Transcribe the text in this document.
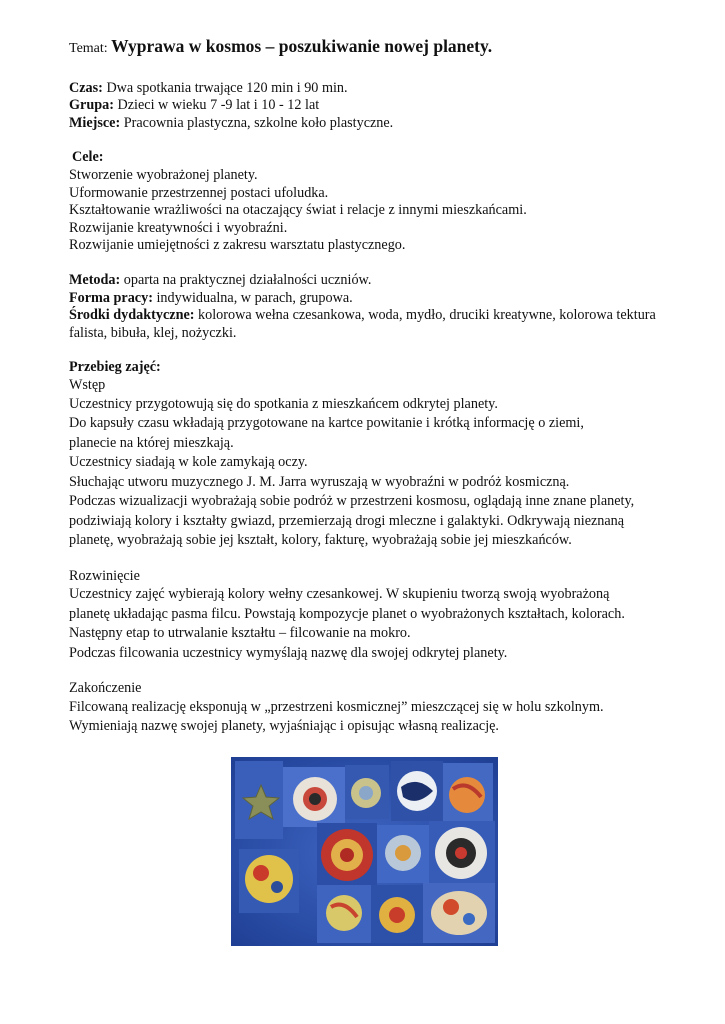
Temat: Wyprawa w kosmos – poszukiwanie nowej planety.
Czas: Dwa spotkania trwające 120 min i 90 min.
Grupa: Dzieci w wieku 7 -9 lat i 10 - 12 lat
Miejsce: Pracownia plastyczna, szkolne koło plastyczne.
Cele:
Stworzenie wyobrażonej planety.
Uformowanie przestrzennej postaci ufoludka.
Kształtowanie wrażliwości na otaczający świat i relacje z innymi mieszkańcami.
Rozwijanie kreatywności i wyobraźni.
Rozwijanie umiejętności z zakresu warsztatu plastycznego.
Metoda: oparta na praktycznej działalności uczniów.
Forma pracy: indywidualna, w parach, grupowa.
Środki dydaktyczne: kolorowa wełna czesankowa, woda, mydło, druciki kreatywne, kolorowa tektura falista, bibuła, klej, nożyczki.
Przebieg zajęć:
Wstęp
Uczestnicy przygotowują się do spotkania z mieszkańcem odkrytej planety.
Do kapsuły czasu wkładają przygotowane na kartce powitanie i krótką informację o ziemi,
planecie na której mieszkają.
Uczestnicy siadają w kole zamykają oczy.
Słuchając utworu muzycznego J. M. Jarra wyruszają w wyobraźni w podróż kosmiczną.
Podczas wizualizacji wyobrażają sobie podróż w przestrzeni kosmosu, oglądają inne znane planety,
podziwiają kolory i kształty gwiazd, przemierzają drogi mleczne i galaktyki. Odkrywają nieznaną
planetę, wyobrażają sobie jej kształt, kolory, fakturę, wyobrażają sobie jej mieszkańców.
Rozwinięcie
Uczestnicy zajęć wybierają kolory wełny czesankowej. W skupieniu tworzą swoją wyobrażoną
planetę układając pasma filcu. Powstają kompozycje planet o wyobrażonych kształtach, kolorach.
Następny etap to utrwalanie kształtu – filcowanie na mokro.
Podczas filcowania uczestnicy wymyślają nazwę dla swojej odkrytej planety.
Zakończenie
Filcowaną realizację eksponują w „przestrzeni kosmicznej” mieszczącej się w holu szkolnym.
Wymieniają nazwę swojej planety, wyjaśniając i opisując własną realizację.
